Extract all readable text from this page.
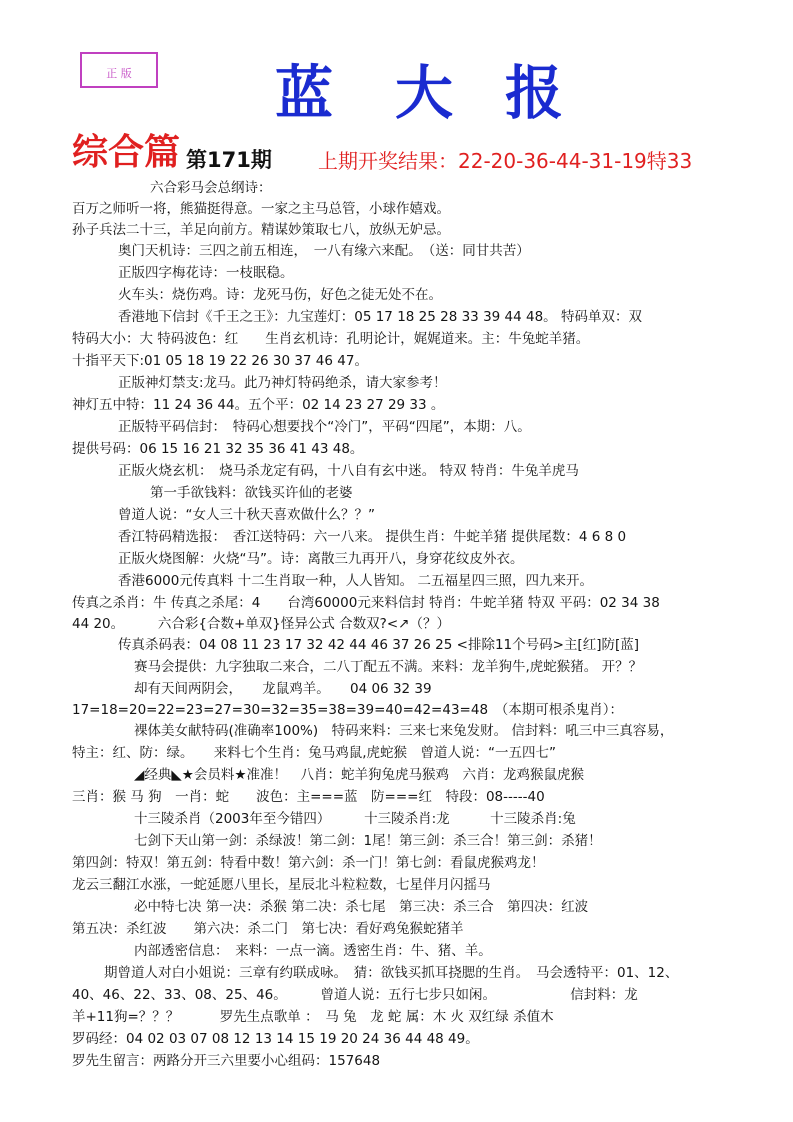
正 版	蓝 大 报
综合篇 第171期 上期开奖结果：22-20-36-44-31-19特33
六合彩马会总纲诗：
百万之师听一将，熊猫挺得意。一家之主马总管，小球作嬉戏。
孙子兵法二十三，羊足向前方。精谋妙策取七八，放纵无妒忌。
奥门天机诗：三四之前五相连，　一八有缘六来配。　（送：同甘共苦）
正版四字梅花诗：一枝眠稳。
火车头：烧伤鸡。诗：龙死马伤，好色之徒无处不在。
香港地下信封《千王之王》：九宝莲灯：05 17 18 25 28 33 39 44 48。 特码单双：双
特码大小：大 特码波色：红　　生肖玄机诗：孔明论计，娓娓道来。主：牛兔蛇羊猪。
十指平天下:01 05 18 19 22 26 30 37 46 47。
正版神灯禁支:龙马。此乃神灯特码绝杀，请大家参考！
神灯五中特：11 24 36 44。五个平：02 14 23 27 29 33 。
正版特平码信封：　特码心想要找个“冷门”，平码“四尾”，本期：八。
提供号码：06 15 16 21 32 35 36 41 43 48。
正版火烧玄机：　烧马杀龙定有码，十八自有玄中迷。 特双 特肖：牛兔羊虎马
第一手欲钱料：欲钱买许仙的老婆
曾道人说：“女人三十秋天喜欢做什么？？”
香江特码精选报：　香江送特码：六一八来。 提供生肖：牛蛇羊猪 提供尾数：4 6 8 0
正版火烧图解：火烧“马”。诗：离散三九再开八，身穿花纹皮外衣。
香港6000元传真料 十二生肖取一种，人人皆知。 二五福星四三照，四九来开。
传真之杀肖：牛 传真之杀尾：4　　台湾60000元来料信封 特肖：牛蛇羊猪 特双 平码：02 34 38
44 20。　　　六合彩{合数+单双}怪异公式 合数双?<↗（？）
传真杀码表：04 08 11 23 17 32 42 44 46 37 26 25 <排除11个号码>主[红]防[蓝]
赛马会提供：九字独取二来合，二八丁配五不满。来料：龙羊狗牛,虎蛇猴猪。 开？？
却有天间两阴会，　　龙鼠鸡羊。　　04 06 32 39
17=18=20=22=23=27=30=32=35=38=39=40=42=43=48　（本期可根杀鬼肖）：
裸体美女献特码(准确率100%)　特码来料：三来七来兔发财。 信封料：吼三中三真容易，
特主：红、防：绿。　　来料七个生肖：兔马鸡鼠,虎蛇猴　曾道人说：“一五四七”
◢经典◣★会员料★准准！　八肖：蛇羊狗兔虎马猴鸡　六肖：龙鸡猴鼠虎猴
三肖：猴 马 狗　一肖：蛇　　波色：主===蓝　防===红　特段：08-----40
十三陵杀肖（2003年至今错四）　　　十三陵杀肖:龙　　　十三陵杀肖:兔
七剑下天山第一剑：杀绿波！第二剑：1尾！第三剑：杀三合！第三剑：杀猪！
第四剑：特双！第五剑：特看中数！第六剑：杀一门！第七剑：看鼠虎猴鸡龙！
龙云三翻江水涨，一蛇延愿八里长，星辰北斗粒粒数，七星伴月闪摇马
必中特七决 第一决：杀猴 第二决：杀七尾　第三决：杀三合　第四决：红波
第五决：杀红波　　第六决：杀二门　第七决：看好鸡兔猴蛇猪羊
内部透密信息：　来料：一点一滴。透密生肖：牛、猪、羊。
期曾道人对白小姐说：三章有约联成咏。　猜：欲钱买抓耳挠腮的生肖。　马会透特平：01、12、
40、46、22、33、08、25、46。　　　曾道人说：五行七步只如闲。　　　　　　信封料：龙
羊+11狗=？？？　　　罗先生点歌单 ：　马 兔　龙 蛇 属：木 火 双红绿 杀值木
罗码经：04 02 03 07 08 12 13 14 15 19 20 24 36 44 48 49。
罗先生留言：两路分开三六里要小心组码：157648
